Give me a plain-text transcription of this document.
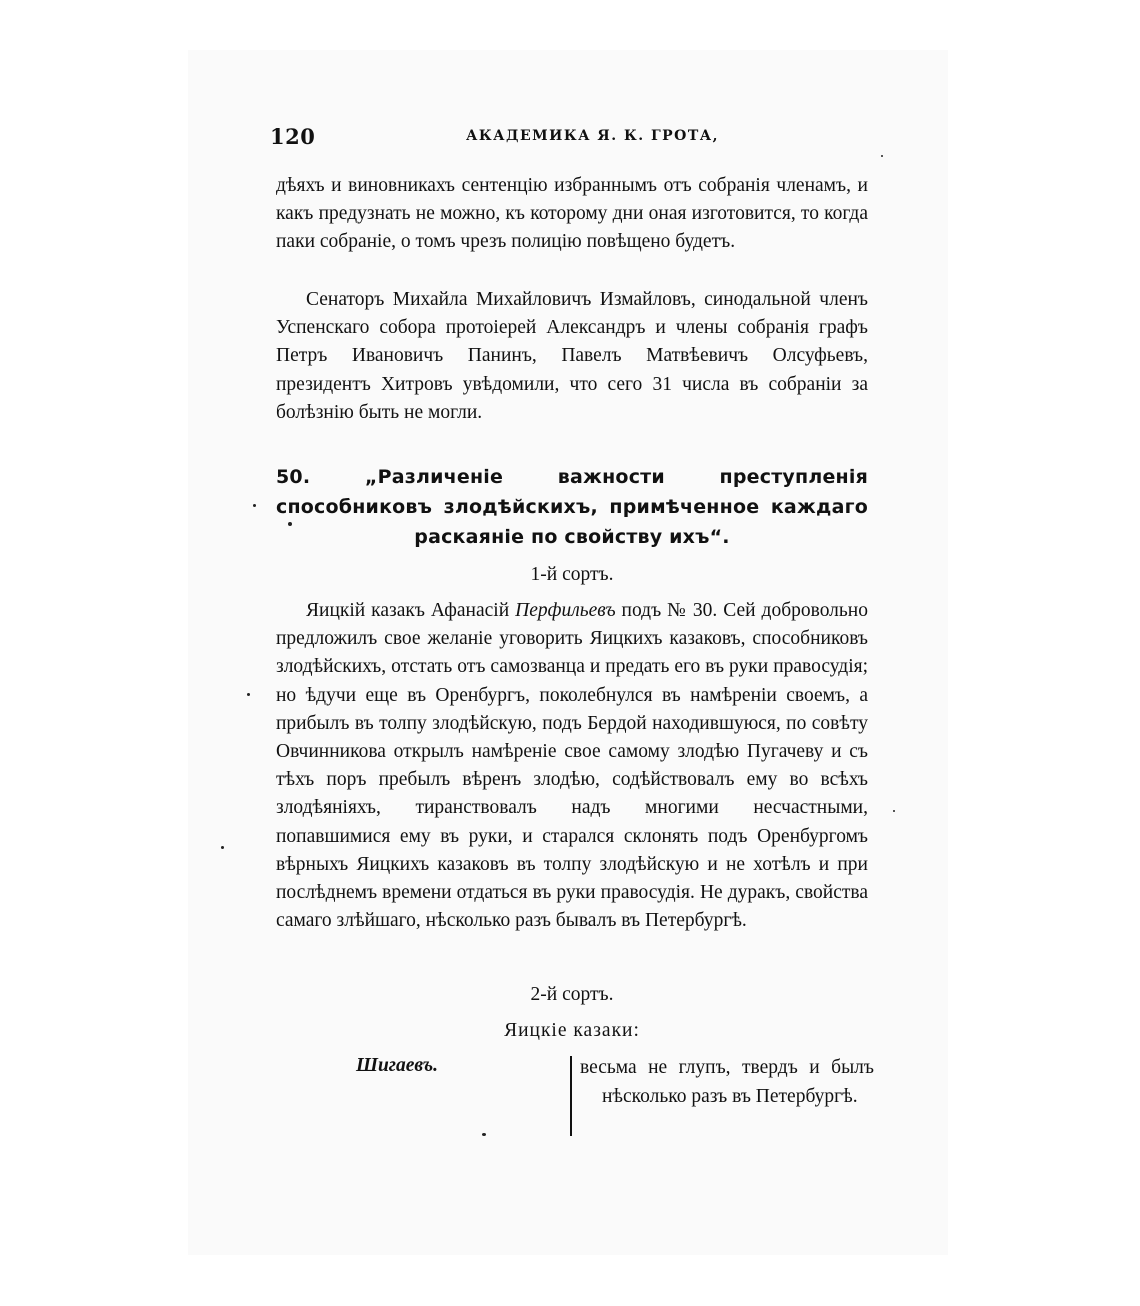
120	АКАДЕМИКА Я. К. ГРОТА,

дѣяхъ и виновникахъ сентенцію избраннымъ отъ собранія членамъ, и какъ предузнать не можно, къ которому дни оная изготовится, то когда паки собраніе, о томъ чрезъ полицію повѣщено будетъ.

Сенаторъ Михайла Михайловичъ Измайловъ, синодальной членъ Успенскаго собора протоіерей Александръ и члены собранія графъ Петръ Ивановичъ Панинъ, Павелъ Матвѣевичъ Олсуфьевъ, президентъ Хитровъ увѣдомили, что сего 31 числа въ собраніи за болѣзнію быть не могли.

50. „Различеніе важности преступленія способниковъ злодѣйскихъ, примѣченное каждаго раскаяніе по свойству ихъ“.
1-й сортъ.

Яицкій казакъ Афанасій Перфильевъ подъ № 30. Сей добровольно предложилъ свое желаніе уговорить Яицкихъ казаковъ, способниковъ злодѣйскихъ, отстать отъ самозванца и предать его въ руки правосудія; но ѣдучи еще въ Оренбургъ, поколебнулся въ намѣреніи своемъ, а прибылъ въ толпу злодѣйскую, подъ Бердой находившуюся, по совѣту Овчинникова открылъ намѣреніе свое самому злодѣю Пугачеву и съ тѣхъ поръ пребылъ вѣренъ злодѣю, содѣйствовалъ ему во всѣхъ злодѣяніяхъ, тиранствовалъ надъ многими несчастными, попавшимися ему въ руки, и старался склонять подъ Оренбургомъ вѣрныхъ Яицкихъ казаковъ въ толпу злодѣйскую и не хотѣлъ и при послѣднемъ времени отдаться въ руки правосудія. Не дуракъ, свойства самаго злѣйшаго, нѣсколько разъ бывалъ въ Петербургѣ.

2-й сортъ.
Яицкіе казаки:
Шигаевъ.	весьма не глупъ, твердъ и былъ нѣсколько разъ въ Петербургѣ.
